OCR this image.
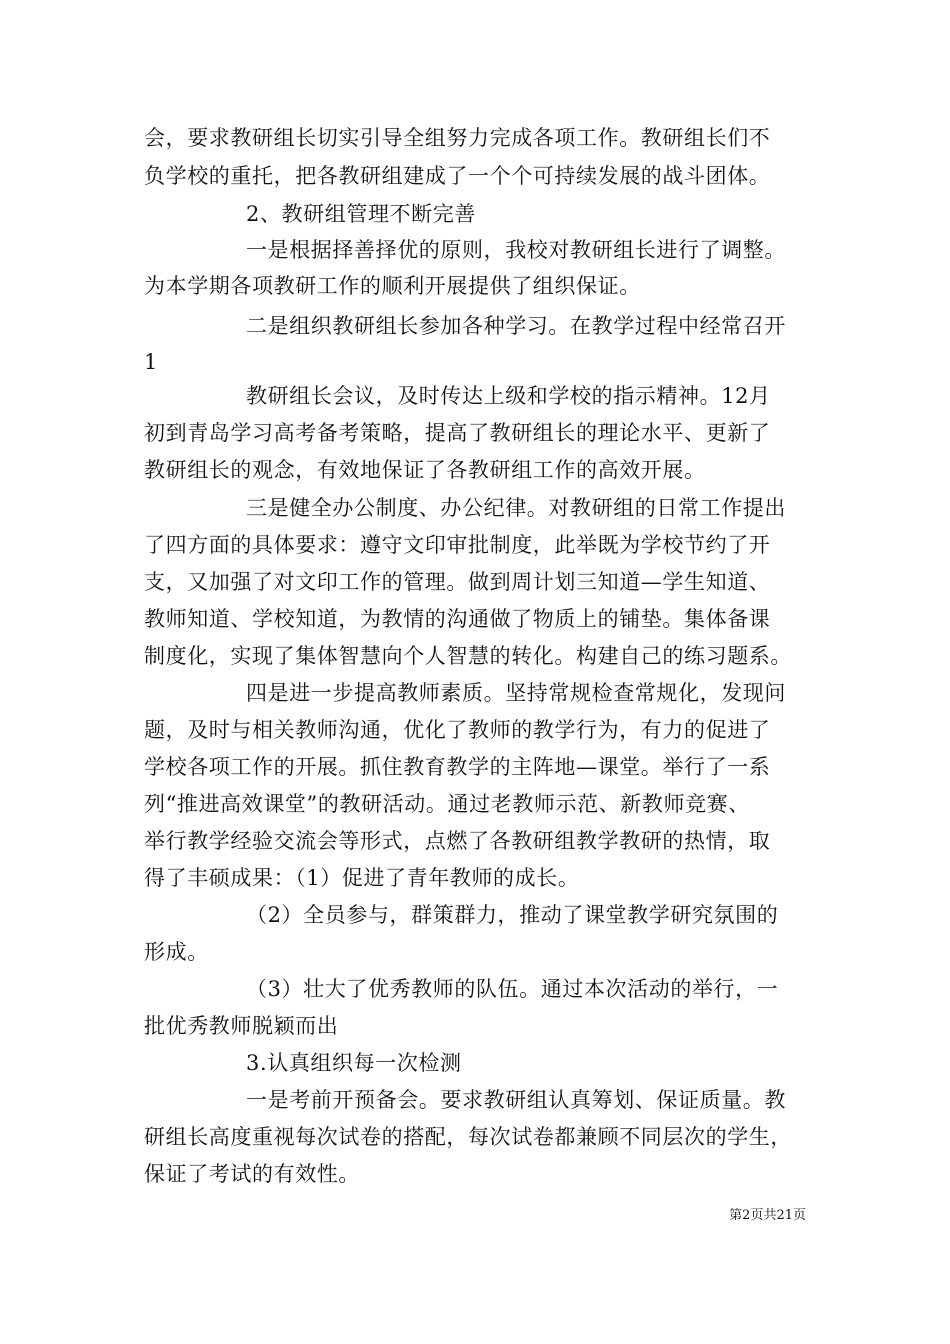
会，要求教研组长切实引导全组努力完成各项工作。教研组长们不
负学校的重托，把各教研组建成了一个个可持续发展的战斗团体。
2、教研组管理不断完善
一是根据择善择优的原则，我校对教研组长进行了调整。
为本学期各项教研工作的顺利开展提供了组织保证。
二是组织教研组长参加各种学习。在教学过程中经常召开
1
教研组长会议，及时传达上级和学校的指示精神。12月
初到青岛学习高考备考策略，提高了教研组长的理论水平、更新了
教研组长的观念，有效地保证了各教研组工作的高效开展。
三是健全办公制度、办公纪律。对教研组的日常工作提出
了四方面的具体要求：遵守文印审批制度，此举既为学校节约了开
支，又加强了对文印工作的管理。做到周计划三知道—学生知道、
教师知道、学校知道，为教情的沟通做了物质上的铺垫。集体备课
制度化，实现了集体智慧向个人智慧的转化。构建自己的练习题系。
四是进一步提高教师素质。坚持常规检查常规化，发现问
题，及时与相关教师沟通，优化了教师的教学行为，有力的促进了
学校各项工作的开展。抓住教育教学的主阵地—课堂。举行了一系
列“推进高效课堂”的教研活动。通过老教师示范、新教师竞赛、
举行教学经验交流会等形式，点燃了各教研组教学教研的热情，取
得了丰硕成果：（1）促进了青年教师的成长。
（2）全员参与，群策群力，推动了课堂教学研究氛围的
形成。
（3）壮大了优秀教师的队伍。通过本次活动的举行，一
批优秀教师脱颖而出
3.认真组织每一次检测
一是考前开预备会。要求教研组认真筹划、保证质量。教
研组长高度重视每次试卷的搭配，每次试卷都兼顾不同层次的学生，
保证了考试的有效性。
第2页共21页
